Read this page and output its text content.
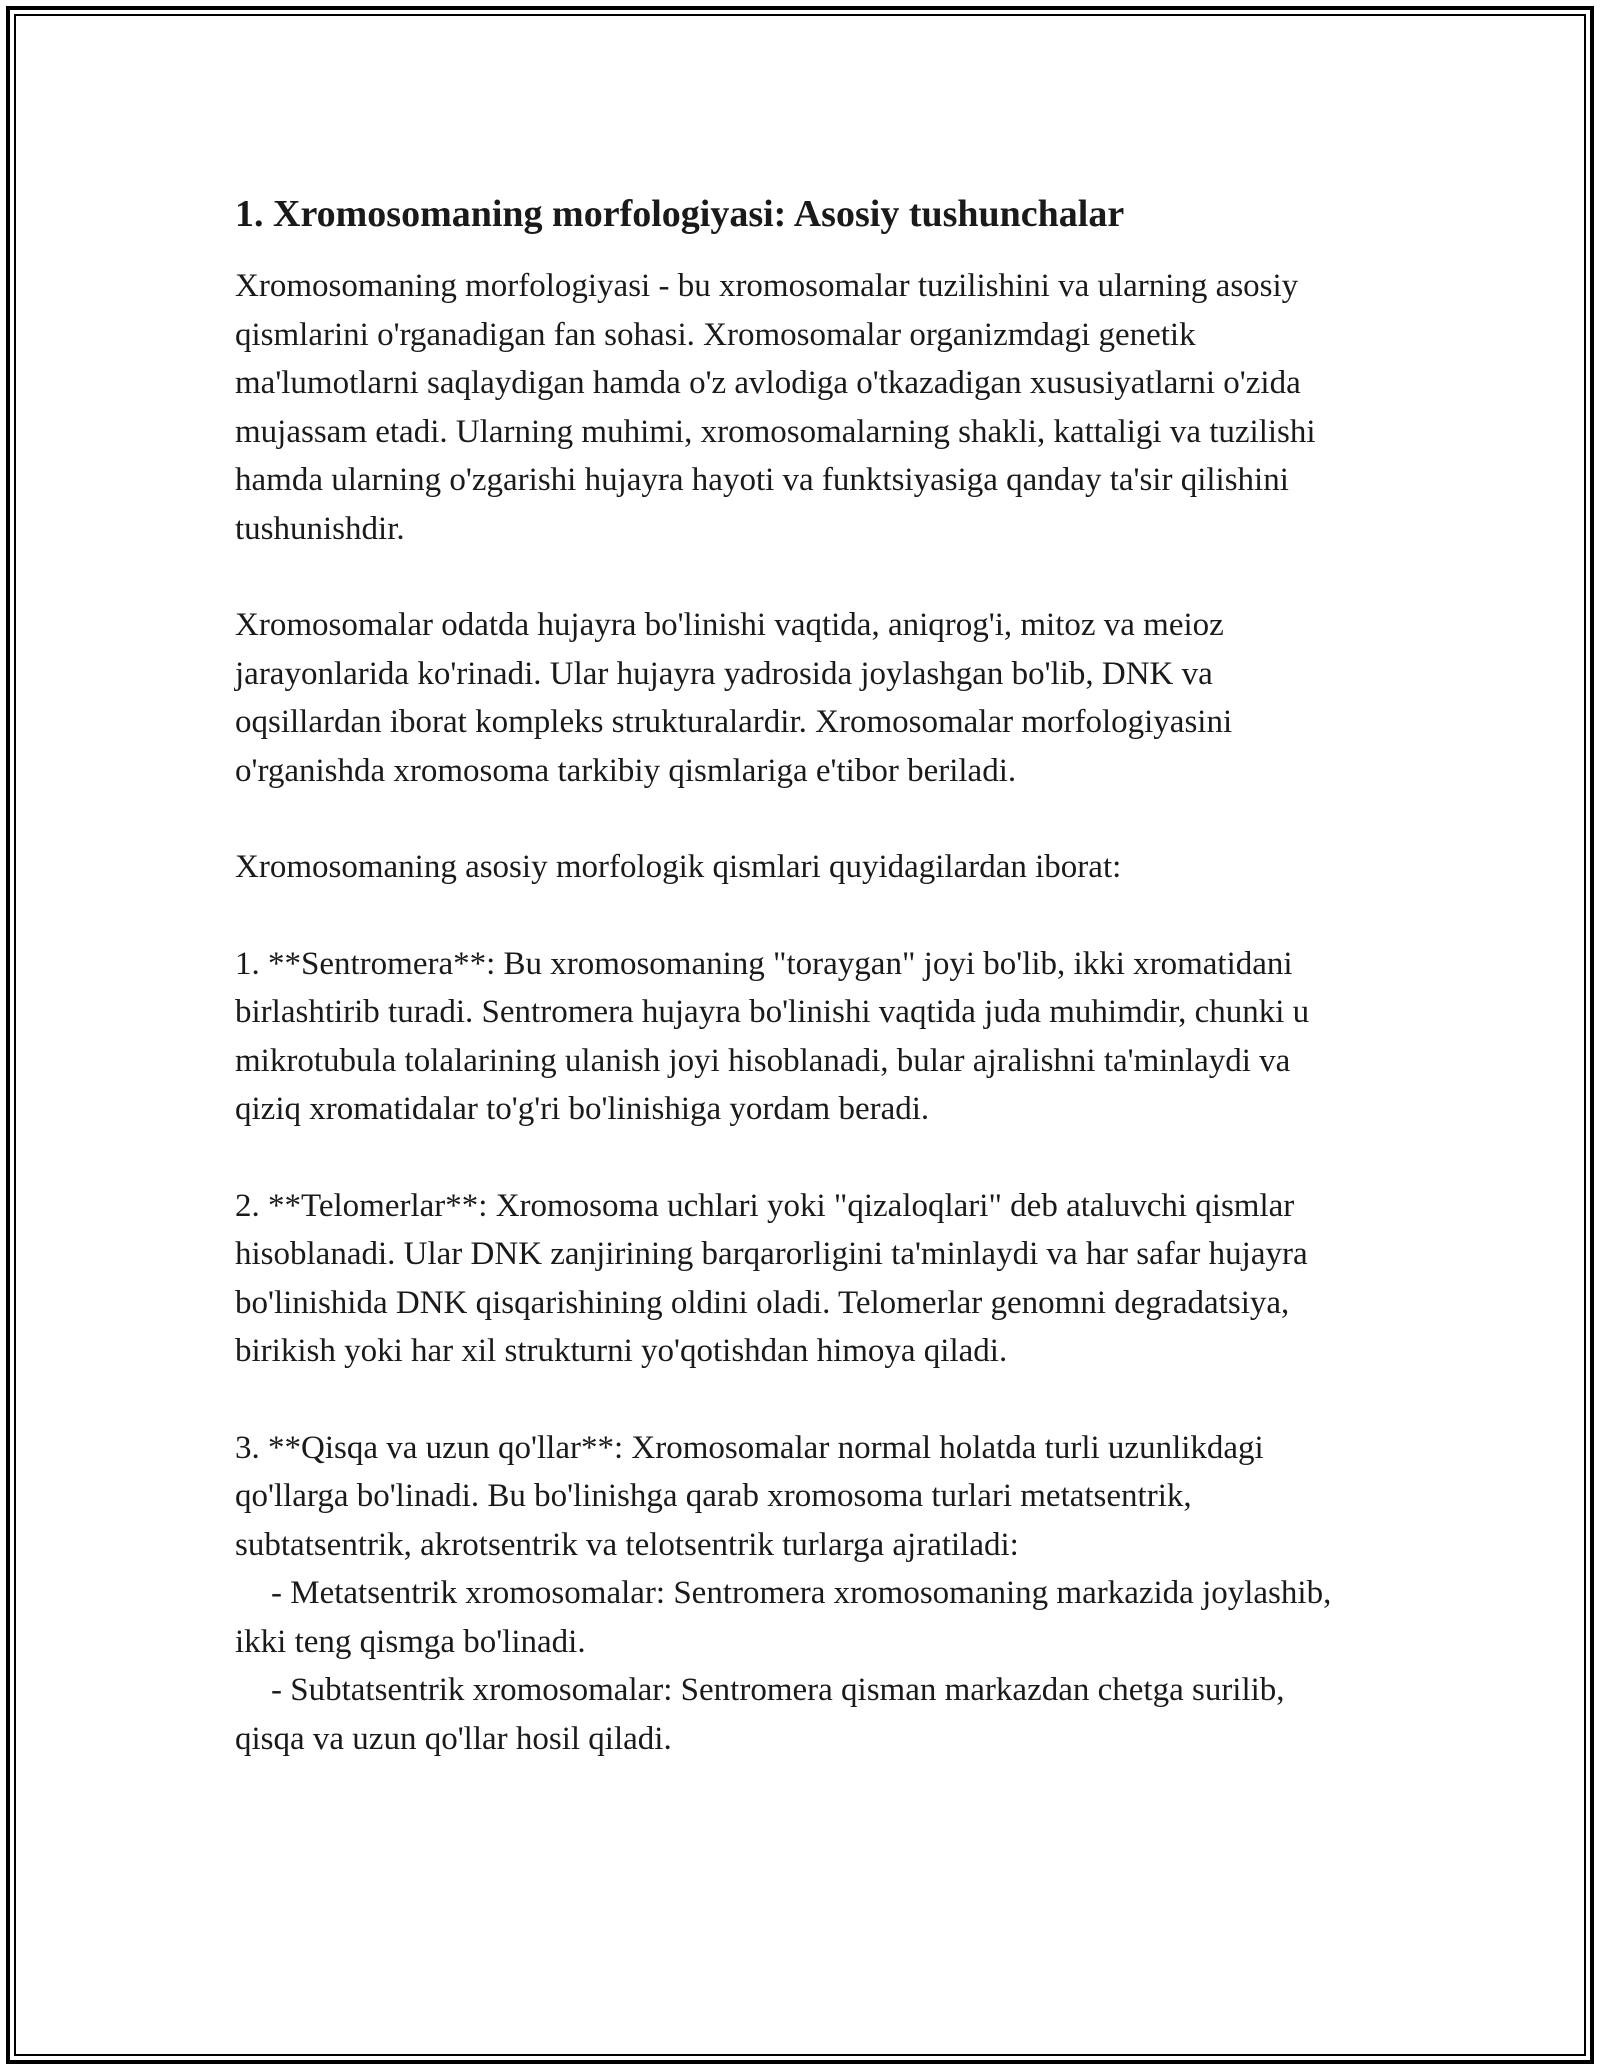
1. Xromosomaning morfologiyasi: Asosiy tushunchalar

Xromosomaning morfologiyasi - bu xromosomalar tuzilishini va ularning asosiy qismlarini o'rganadigan fan sohasi. Xromosomalar organizmdagi genetik ma'lumotlarni saqlaydigan hamda o'z avlodiga o'tkazadigan xususiyatlarni o'zida mujassam etadi. Ularning muhimi, xromosomalarning shakli, kattaligi va tuzilishi hamda ularning o'zgarishi hujayra hayoti va funktsiyasiga qanday ta'sir qilishini tushunishdir.

Xromosomalar odatda hujayra bo'linishi vaqtida, aniqrog'i, mitoz va meioz jarayonlarida ko'rinadi. Ular hujayra yadrosida joylashgan bo'lib, DNK va oqsillardan iborat kompleks strukturalardir. Xromosomalar morfologiyasini o'rganishda xromosoma tarkibiy qismlariga e'tibor beriladi.

Xromosomaning asosiy morfologik qismlari quyidagilardan iborat:

1. **Sentromera**: Bu xromosomaning "toraygan" joyi bo'lib, ikki xromatidani birlashtirib turadi. Sentromera hujayra bo'linishi vaqtida juda muhimdir, chunki u mikrotubula tolalarining ulanish joyi hisoblanadi, bular ajralishni ta'minlaydi va qiziq xromatidalar to'g'ri bo'linishiga yordam beradi.

2. **Telomerlar**: Xromosoma uchlari yoki "qizaloqlari" deb ataluvchi qismlar hisoblanadi. Ular DNK zanjirining barqarorligini ta'minlaydi va har safar hujayra bo'linishida DNK qisqarishining oldini oladi. Telomerlar genomni degradatsiya, birikish yoki har xil strukturni yo'qotishdan himoya qiladi.

3. **Qisqa va uzun qo'llar**: Xromosomalar normal holatda turli uzunlikdagi qo'llarga bo'linadi. Bu bo'linishga qarab xromosoma turlari metatsentrik, subtatsentrik, akrotsentrik va telotsentrik turlarga ajratiladi:

- Metatsentrik xromosomalar: Sentromera xromosomaning markazida joylashib, ikki teng qismga bo'linadi.

- Subtatsentrik xromosomalar: Sentromera qisman markazdan chetga surilib, qisqa va uzun qo'llar hosil qiladi.
